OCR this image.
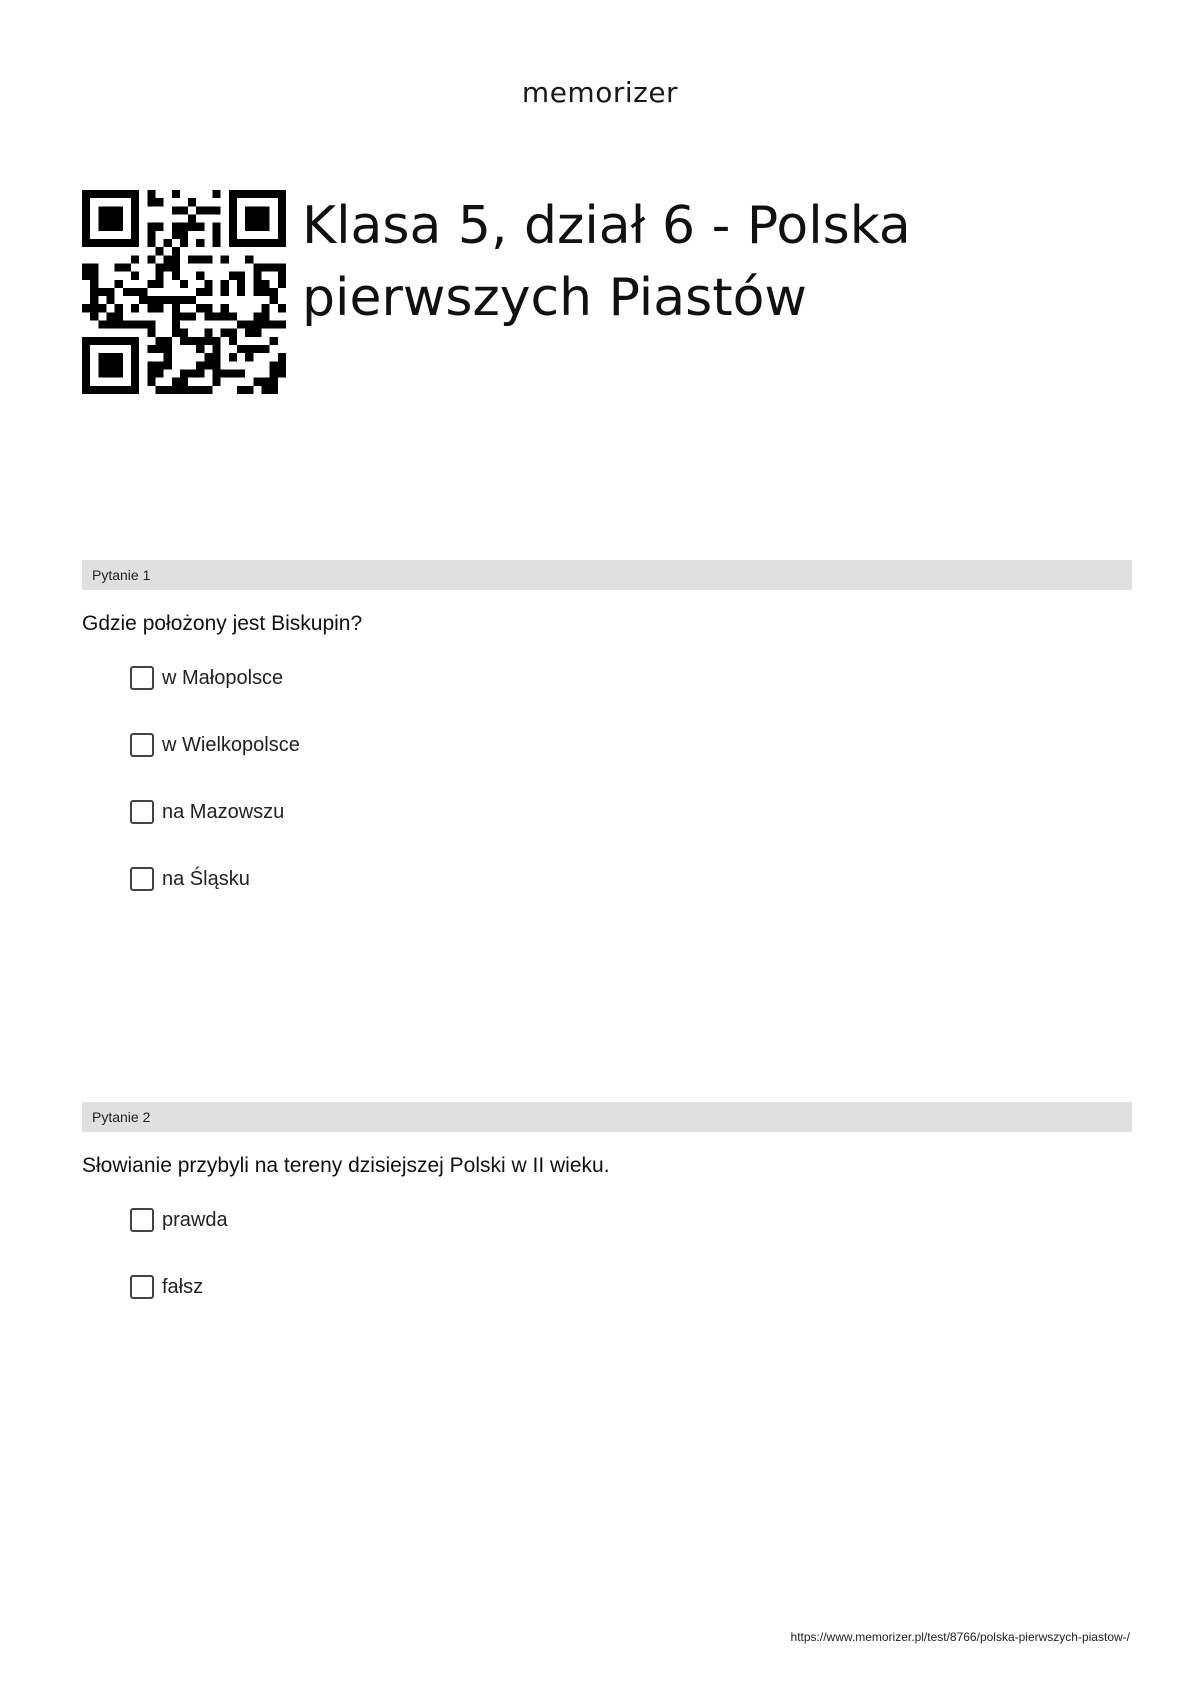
memorizer
Klasa 5, dział 6 - Polska pierwszych Piastów
Pytanie 1
Gdzie położony jest Biskupin?
w Małopolsce
w Wielkopolsce
na Mazowszu
na Śląsku
Pytanie 2
Słowianie przybyli na tereny dzisiejszej Polski w II wieku.
prawda
fałsz
https://www.memorizer.pl/test/8766/polska-pierwszych-piastow-/
